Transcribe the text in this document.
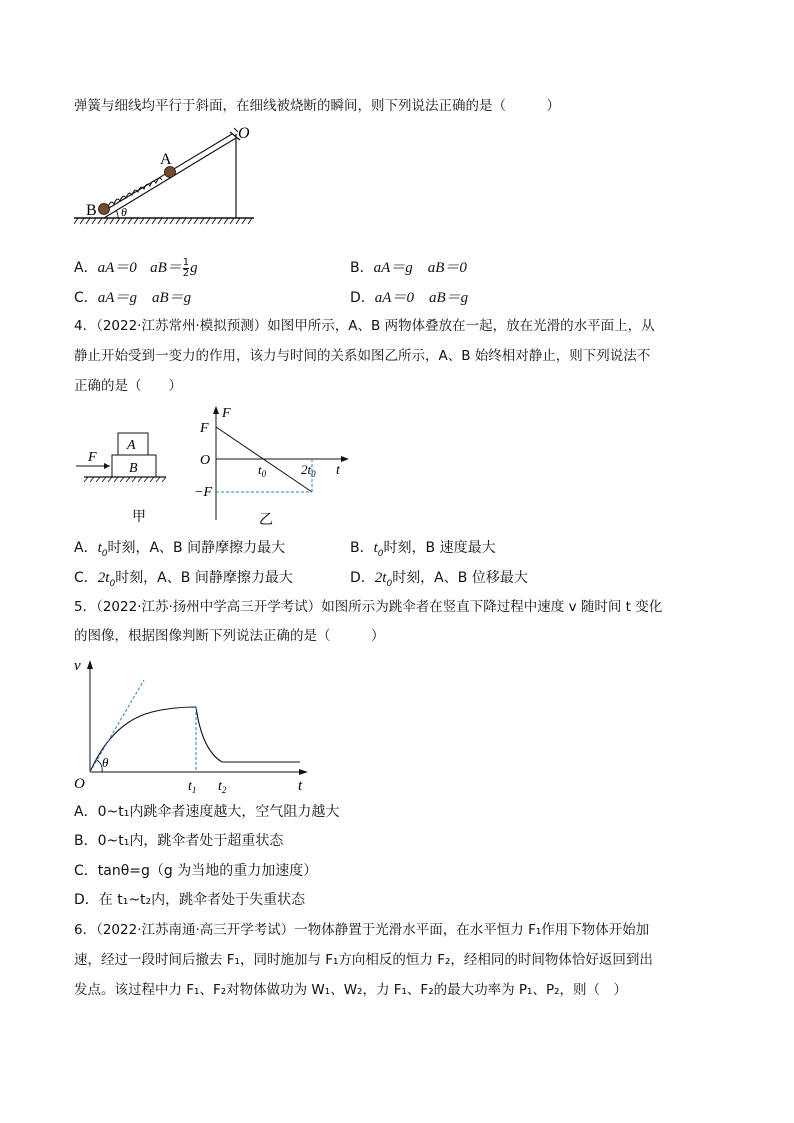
弹簧与细线均平行于斜面，在细线被烧断的瞬间，则下列说法正确的是（　　　）
A
B
O
θ
A．aA＝0 $aB= \frac{1}{2}$ g	B．aA＝g　aB＝0
C．aA＝g　aB＝g	D．aA＝0　aB＝g
4．（2022·江苏常州·模拟预测）如图甲所示，A、B 两物体叠放在一起，放在光滑的水平面上，从
静止开始受到一变力的作用，该力与时间的关系如图乙所示，A、B 始终相对静止，则下列说法不
正确的是（　　）
A
B
F
甲
F
F
O
−F
$t_0$	$2t_0$ t
乙
A．$t_0$时刻，A、B 间静摩擦力最大	B．$t_0$时刻，B 速度最大
C．$2t_0$时刻，A、B 间静摩擦力最大	D．$2t_0$时刻，A、B 位移最大
5．（2022·江苏·扬州中学高三开学考试）如图所示为跳伞者在竖直下降过程中速度 v 随时间 t 变化
的图像，根据图像判断下列说法正确的是（　　　）
v
O
θ
$t_1$ $t_2$	t
A．0~t₁内跳伞者速度越大，空气阻力越大
B．0~t₁内，跳伞者处于超重状态
C．tanθ=g（g 为当地的重力加速度）
D．在 t₁~t₂内，跳伞者处于失重状态
6．（2022·江苏南通·高三开学考试）一物体静置于光滑水平面，在水平恒力 F₁作用下物体开始加
速，经过一段时间后撤去 F₁，同时施加与 F₁方向相反的恒力 F₂，经相同的时间物体恰好返回到出
发点。该过程中力 F₁、F₂对物体做功为 W₁、W₂，力 F₁、F₂的最大功率为 P₁、P₂，则（　）
